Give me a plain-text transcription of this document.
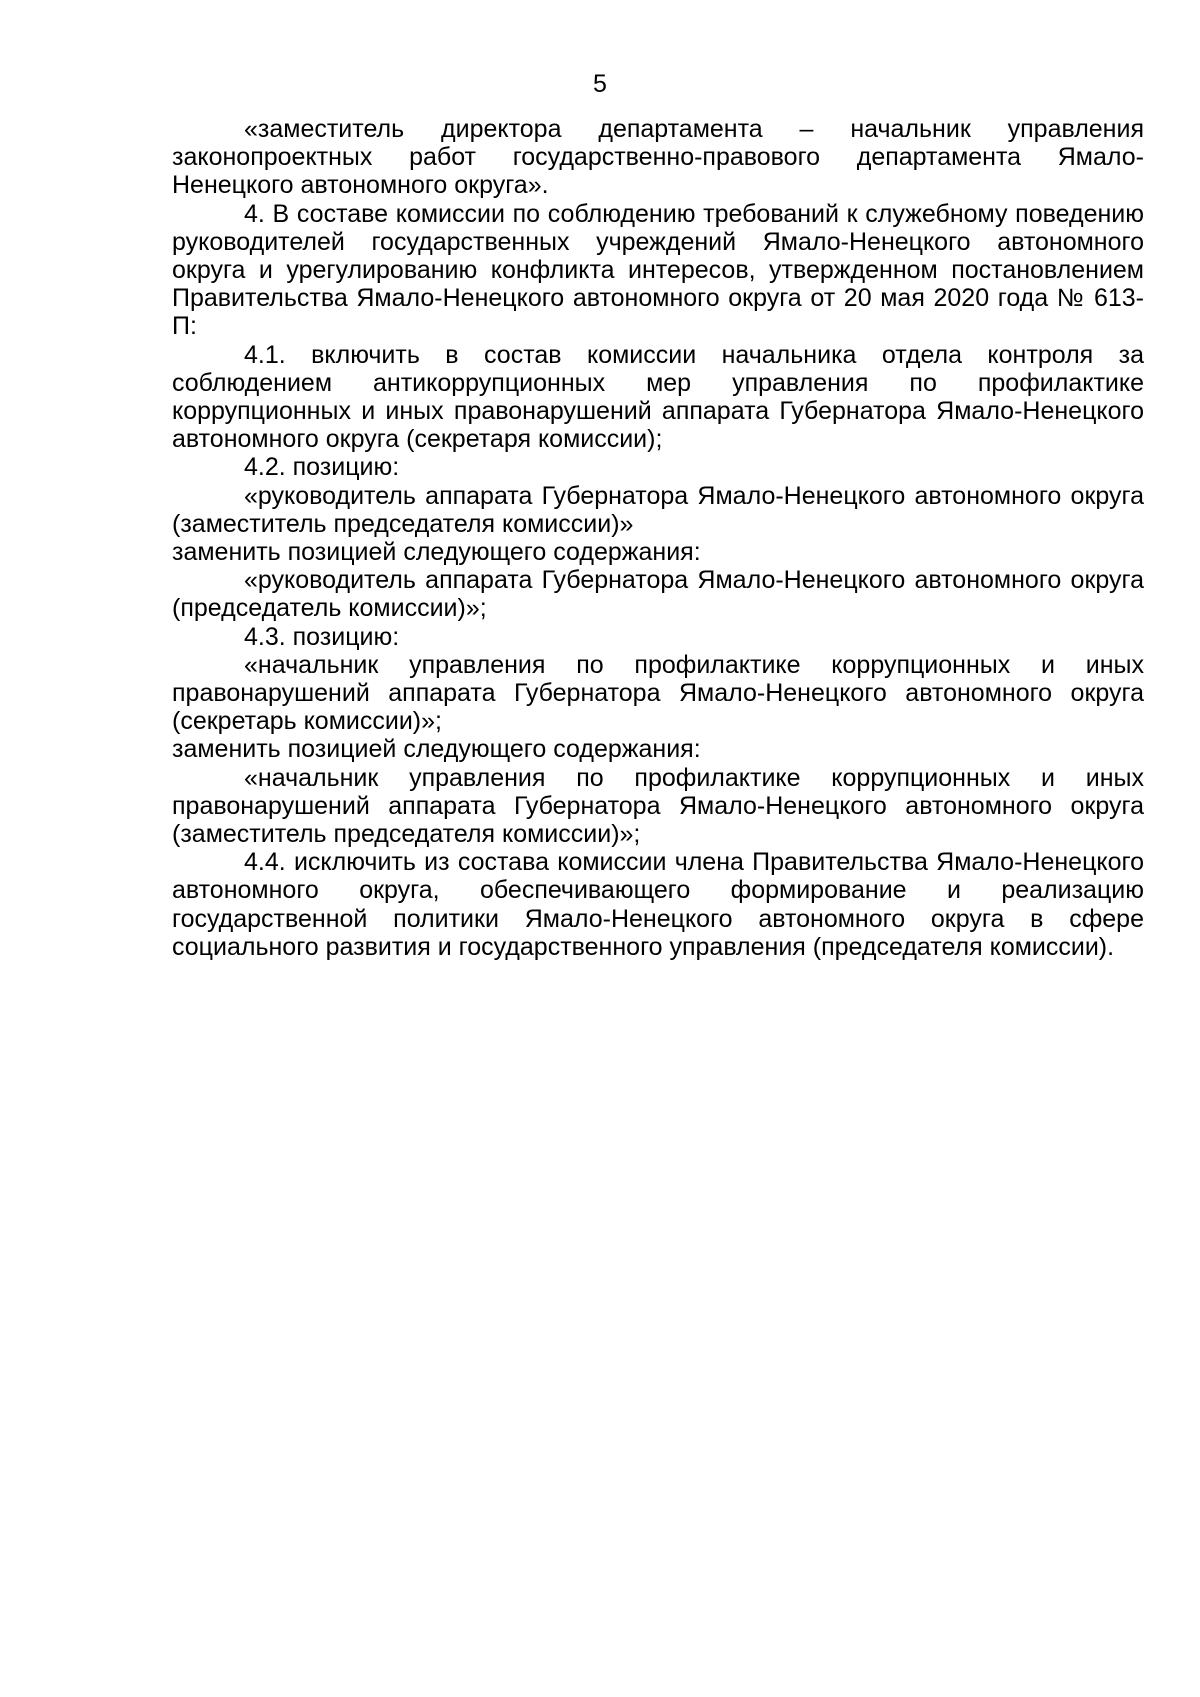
5

«заместитель директора департамента – начальник управления законопроектных работ государственно-правового департамента Ямало-Ненецкого автономного округа».

4. В составе комиссии по соблюдению требований к служебному поведению руководителей государственных учреждений Ямало-Ненецкого автономного округа и урегулированию конфликта интересов, утвержденном постановлением Правительства Ямало-Ненецкого автономного округа от 20 мая 2020 года № 613-П:

4.1. включить в состав комиссии начальника отдела контроля за соблюдением антикоррупционных мер управления по профилактике коррупционных и иных правонарушений аппарата Губернатора Ямало-Ненецкого автономного округа (секретаря комиссии);

4.2. позицию:

«руководитель аппарата Губернатора Ямало-Ненецкого автономного округа (заместитель председателя комиссии)»

заменить позицией следующего содержания:

«руководитель аппарата Губернатора Ямало-Ненецкого автономного округа (председатель комиссии)»;

4.3. позицию:

«начальник управления по профилактике коррупционных и иных правонарушений аппарата Губернатора Ямало-Ненецкого автономного округа (секретарь комиссии)»;

заменить позицией следующего содержания:

«начальник управления по профилактике коррупционных и иных правонарушений аппарата Губернатора Ямало-Ненецкого автономного округа (заместитель председателя комиссии)»;

4.4. исключить из состава комиссии члена Правительства Ямало-Ненецкого автономного округа, обеспечивающего формирование и реализацию государственной политики Ямало-Ненецкого автономного округа в сфере социального развития и государственного управления (председателя комиссии).
